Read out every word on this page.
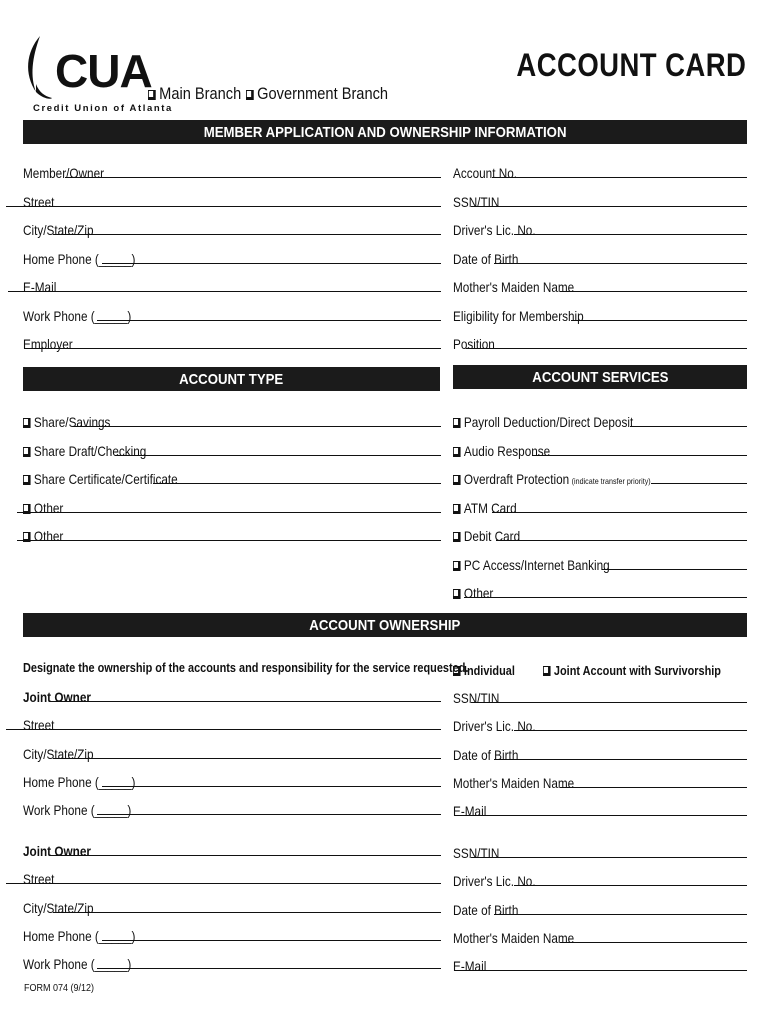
CUA
Credit Union of Atlanta
Main Branch Government Branch
ACCOUNT CARD
MEMBER APPLICATION AND OWNERSHIP INFORMATION
Member/Owner
Street
City/State/Zip
Home Phone (_____)
E-Mail
Work Phone (_____)
Employer
Account No.
SSN/TIN
Driver's Lic. No.
Date of Birth
Mother's Maiden Name
Eligibility for Membership
Position
ACCOUNT TYPE	ACCOUNT SERVICES
Share/Savings
Share Draft/Checking
Share Certificate/Certificate
Other
Other
Payroll Deduction/Direct Deposit
Audio Response
Overdraft Protection (indicate transfer priority)
ATM Card
Debit Card
PC Access/Internet Banking
Other
ACCOUNT OWNERSHIP
Designate the ownership of the accounts and responsibility for the service requested.
Individual	Joint Account with Survivorship
Joint Owner
Street
City/State/Zip
Home Phone (_____)
Work Phone (_____)
SSN/TIN
Driver's Lic. No.
Date of Birth
Mother's Maiden Name
E-Mail
Joint Owner
Street
City/State/Zip
Home Phone (_____)
Work Phone (_____)
SSN/TIN
Driver's Lic. No.
Date of Birth
Mother's Maiden Name
E-Mail
FORM 074 (9/12)
